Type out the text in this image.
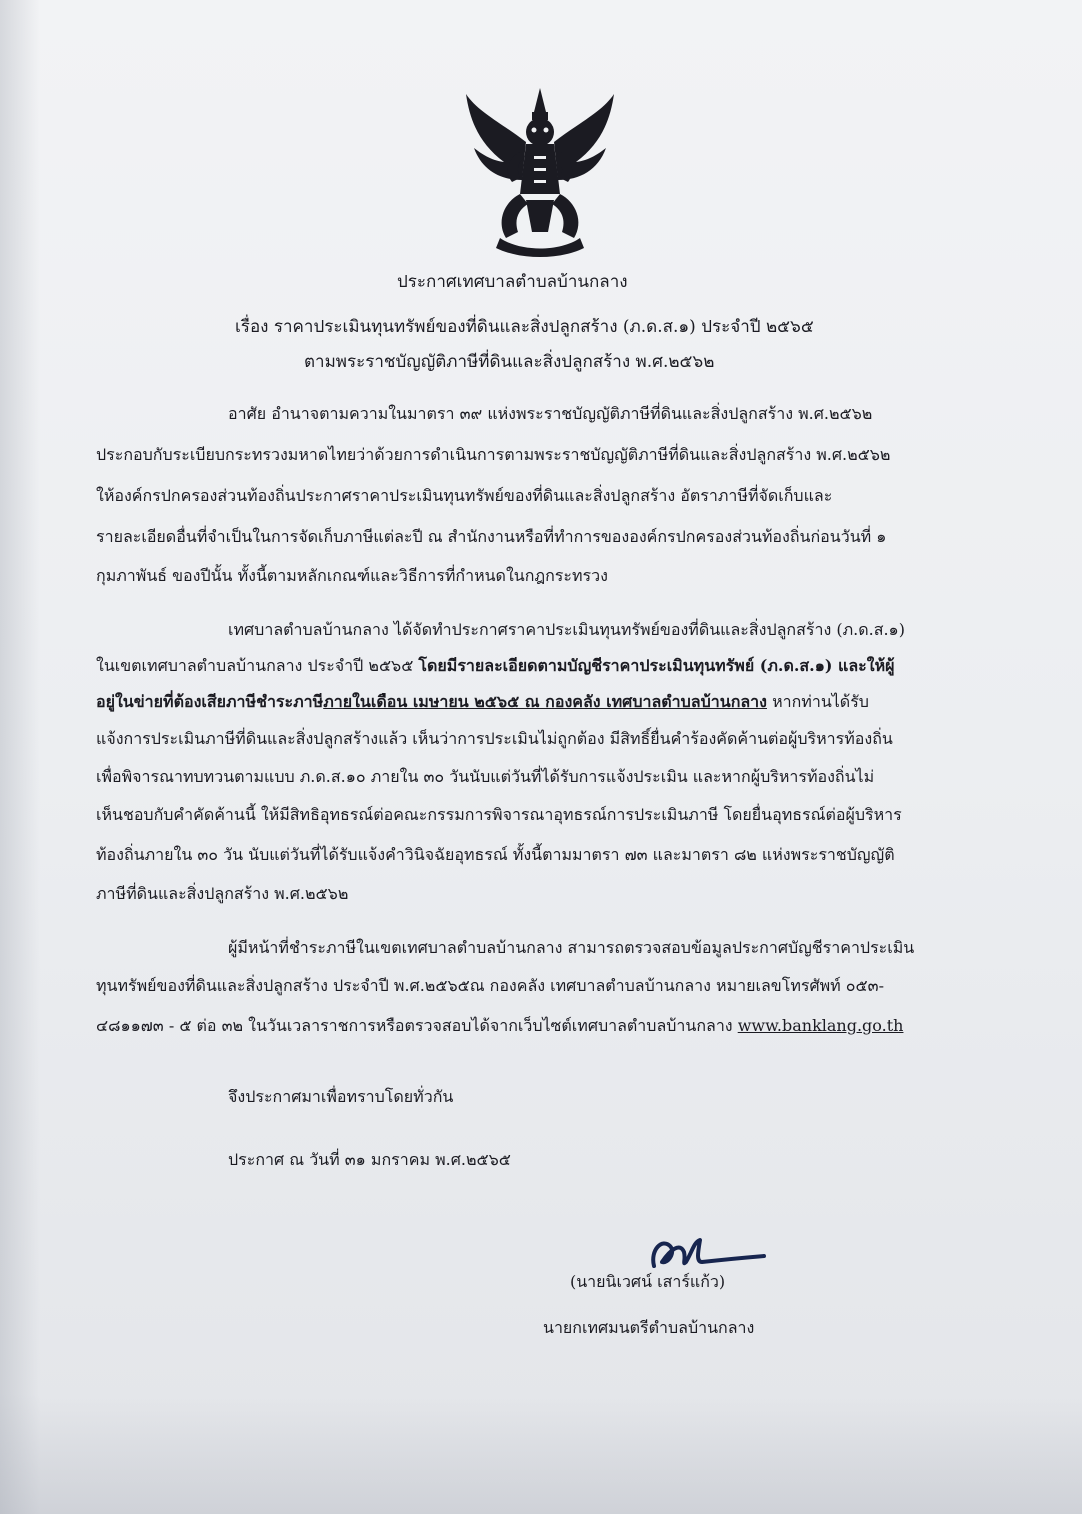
ประกาศเทศบาลตำบลบ้านกลาง
เรื่อง ราคาประเมินทุนทรัพย์ของที่ดินและสิ่งปลูกสร้าง (ภ.ด.ส.๑) ประจำปี ๒๕๖๕
ตามพระราชบัญญัติภาษีที่ดินและสิ่งปลูกสร้าง พ.ศ.๒๕๖๒
อาศัย อำนาจตามความในมาตรา ๓๙ แห่งพระราชบัญญัติภาษีที่ดินและสิ่งปลูกสร้าง พ.ศ.๒๕๖๒
ประกอบกับระเบียบกระทรวงมหาดไทยว่าด้วยการดำเนินการตามพระราชบัญญัติภาษีที่ดินและสิ่งปลูกสร้าง พ.ศ.๒๕๖๒
ให้องค์กรปกครองส่วนท้องถิ่นประกาศราคาประเมินทุนทรัพย์ของที่ดินและสิ่งปลูกสร้าง อัตราภาษีที่จัดเก็บและ
รายละเอียดอื่นที่จำเป็นในการจัดเก็บภาษีแต่ละปี ณ สำนักงานหรือที่ทำการขององค์กรปกครองส่วนท้องถิ่นก่อนวันที่ ๑
กุมภาพันธ์ ของปีนั้น ทั้งนี้ตามหลักเกณฑ์และวิธีการที่กำหนดในกฎกระทรวง
เทศบาลตำบลบ้านกลาง ได้จัดทำประกาศราคาประเมินทุนทรัพย์ของที่ดินและสิ่งปลูกสร้าง (ภ.ด.ส.๑)
ในเขตเทศบาลตำบลบ้านกลาง ประจำปี ๒๕๖๕ โดยมีรายละเอียดตามบัญชีราคาประเมินทุนทรัพย์ (ภ.ด.ส.๑) และให้ผู้
อยู่ในข่ายที่ต้องเสียภาษีชำระภาษีภายในเดือน เมษายน ๒๕๖๕ ณ กองคลัง เทศบาลตำบลบ้านกลาง หากท่านได้รับ
แจ้งการประเมินภาษีที่ดินและสิ่งปลูกสร้างแล้ว เห็นว่าการประเมินไม่ถูกต้อง มีสิทธิ์ยื่นคำร้องคัดค้านต่อผู้บริหารท้องถิ่น
เพื่อพิจารณาทบทวนตามแบบ ภ.ด.ส.๑๐ ภายใน ๓๐ วันนับแต่วันที่ได้รับการแจ้งประเมิน และหากผู้บริหารท้องถิ่นไม่
เห็นชอบกับคำคัดค้านนี้ ให้มีสิทธิอุทธรณ์ต่อคณะกรรมการพิจารณาอุทธรณ์การประเมินภาษี โดยยื่นอุทธรณ์ต่อผู้บริหาร
ท้องถิ่นภายใน ๓๐ วัน นับแต่วันที่ได้รับแจ้งคำวินิจฉัยอุทธรณ์ ทั้งนี้ตามมาตรา ๗๓ และมาตรา ๘๒ แห่งพระราชบัญญัติ
ภาษีที่ดินและสิ่งปลูกสร้าง พ.ศ.๒๕๖๒
ผู้มีหน้าที่ชำระภาษีในเขตเทศบาลตำบลบ้านกลาง สามารถตรวจสอบข้อมูลประกาศบัญชีราคาประเมิน
ทุนทรัพย์ของที่ดินและสิ่งปลูกสร้าง ประจำปี พ.ศ.๒๕๖๕ณ กองคลัง เทศบาลตำบลบ้านกลาง หมายเลขโทรศัพท์ ๐๕๓-
๔๘๑๑๗๓ - ๕ ต่อ ๓๒ ในวันเวลาราชการหรือตรวจสอบได้จากเว็บไซต์เทศบาลตำบลบ้านกลาง www.banklang.go.th
จึงประกาศมาเพื่อทราบโดยทั่วกัน
ประกาศ ณ วันที่ ๓๑ มกราคม พ.ศ.๒๕๖๕
(นายนิเวศน์ เสาร์แก้ว)
นายกเทศมนตรีตำบลบ้านกลาง
